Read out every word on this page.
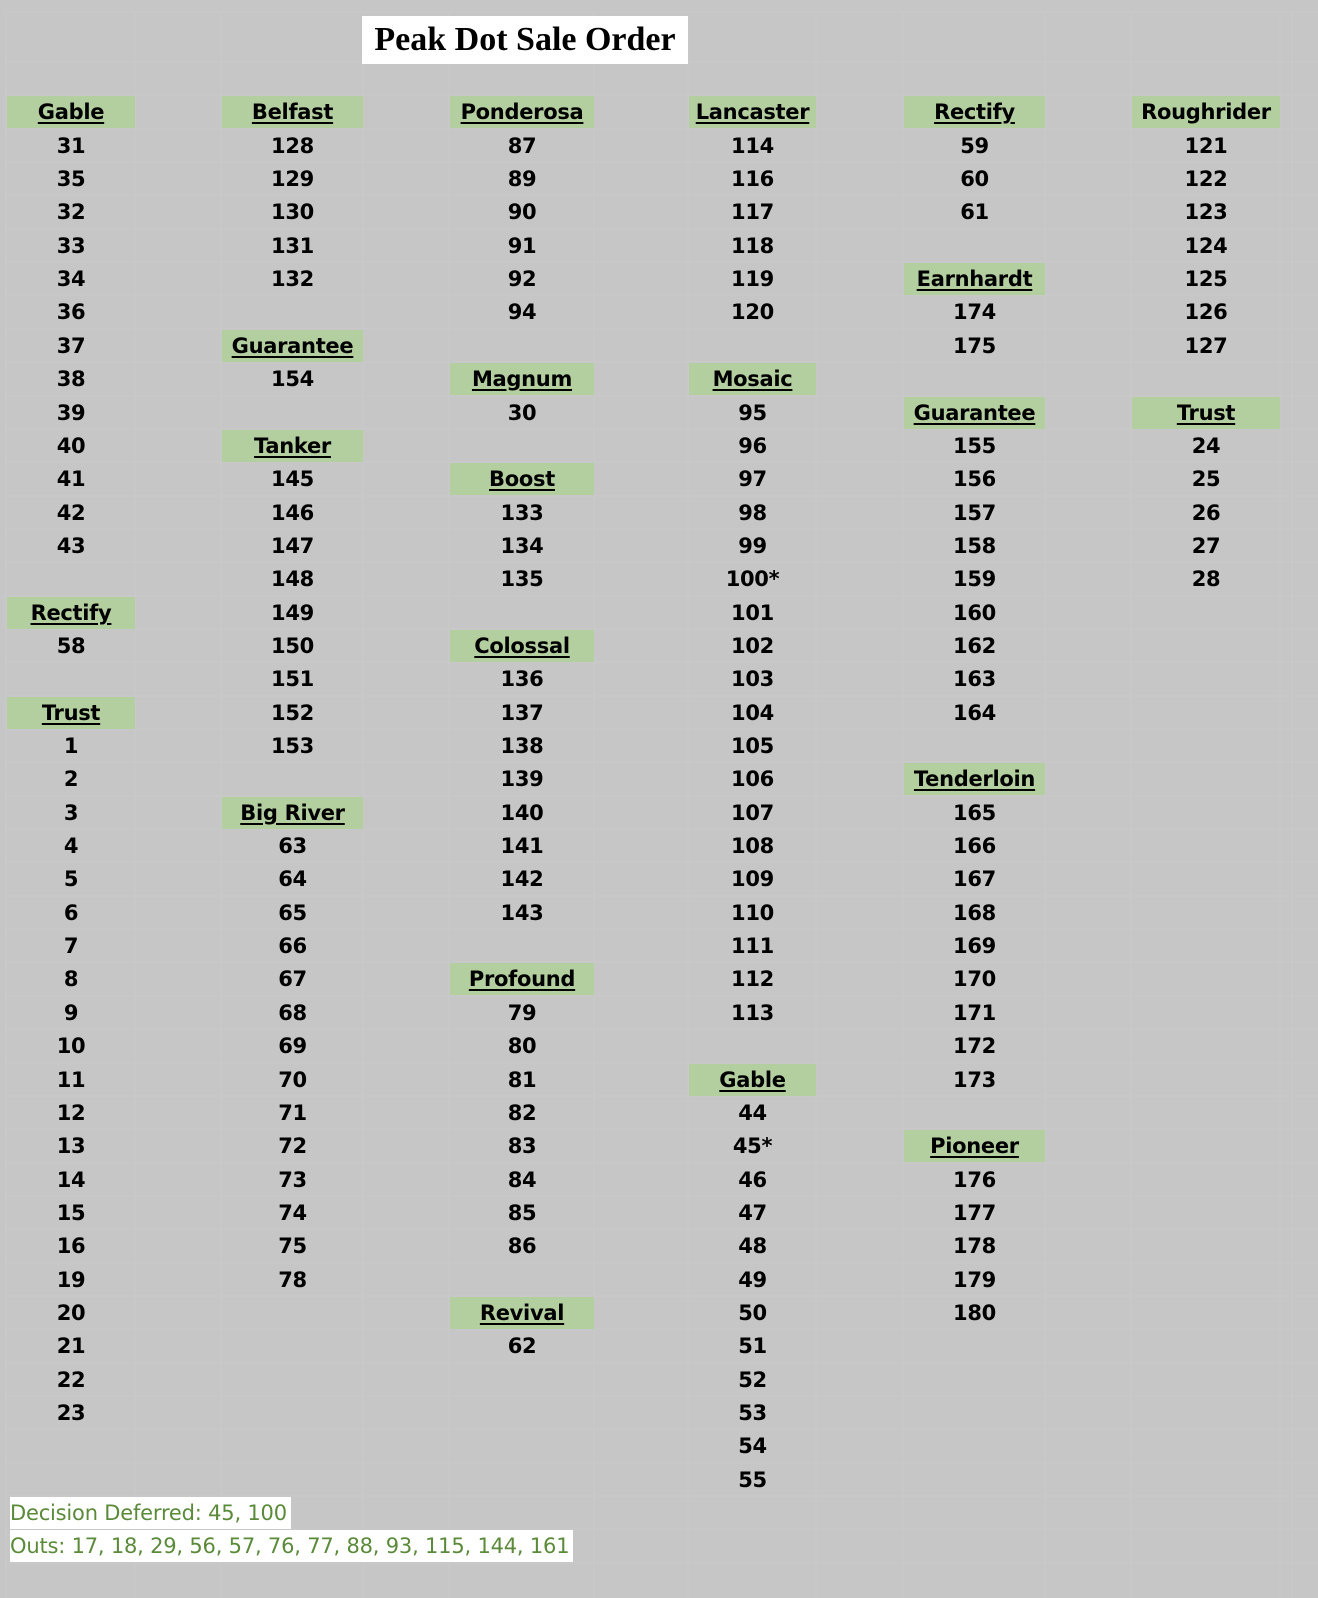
Peak Dot Sale Order
Gable
31
35
32
33
34
36
37
38
39
40
41
42
43
Rectify
58
Trust
1
2
3
4
5
6
7
8
9
10
11
12
13
14
15
16
19
20
21
22
23
Belfast
128
129
130
131
132
Guarantee
154
Tanker
145
146
147
148
149
150
151
152
153
Big River
63
64
65
66
67
68
69
70
71
72
73
74
75
78
Ponderosa
87
89
90
91
92
94
Magnum
30
Boost
133
134
135
Colossal
136
137
138
139
140
141
142
143
Profound
79
80
81
82
83
84
85
86
Revival
62
Lancaster
114
116
117
118
119
120
Mosaic
95
96
97
98
99
100*
101
102
103
104
105
106
107
108
109
110
111
112
113
Gable
44
45*
46
47
48
49
50
51
52
53
54
55
Rectify
59
60
61
Earnhardt
174
175
Guarantee
155
156
157
158
159
160
162
163
164
Tenderloin
165
166
167
168
169
170
171
172
173
Pioneer
176
177
178
179
180
Roughrider
121
122
123
124
125
126
127
Trust
24
25
26
27
28
Decision Deferred: 45, 100
Outs: 17, 18, 29, 56, 57, 76, 77, 88, 93, 115, 144, 161
